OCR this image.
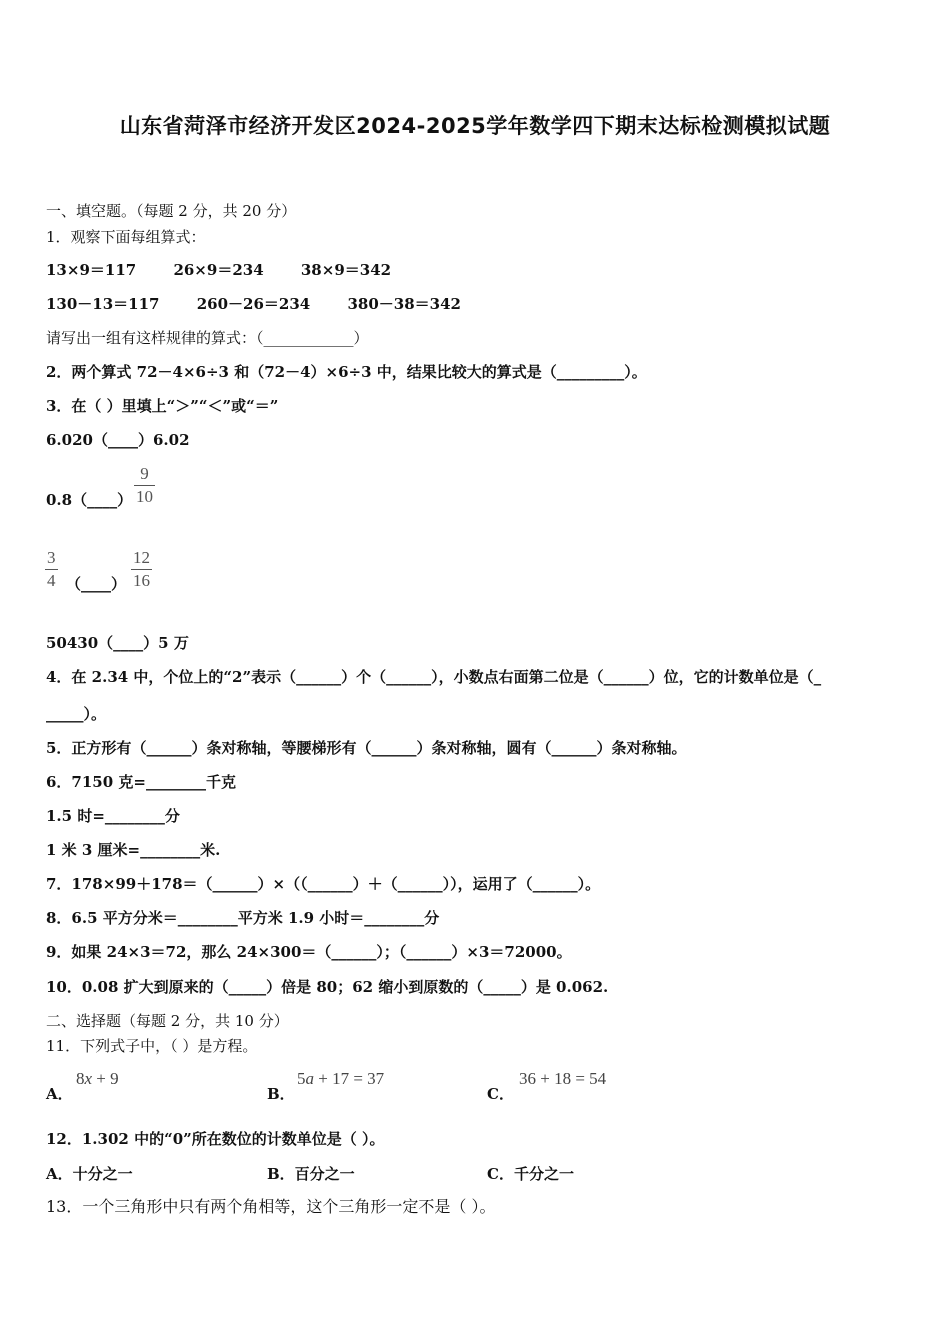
山东省菏泽市经济开发区2024-2025学年数学四下期末达标检测模拟试题
一、填空题。（每题 2 分，共 20 分）
1．观察下面每组算式：
13×9＝117 26×9＝234 38×9＝342
130－13＝117 260－26＝234 380－38＝342
请写出一组有这样规律的算式：（____________）
2．两个算式 72－4×6÷3 和（72－4）×6÷3 中，结果比较大的算式是（_________）。
3．在（ ）里填上“＞”“＜”或“＝”
6.020（____）6.02
0.8（____） $\frac{9}{10}$
$\frac{3}{4}$ （____） $\frac{12}{16}$
50430（____）5 万
4．在 2.34 中，个位上的“2”表示（______）个（______），小数点右面第二位是（______）位，它的计数单位是（_
_____）。
5．正方形有（______）条对称轴，等腰梯形有（______）条对称轴，圆有（______）条对称轴。
6．7150 克=________千克
1.5 时=________分
1 米 3 厘米=________米.
7．178×99＋178＝（______）×（（______）＋（______）），运用了（______）。
8．6.5 平方分米＝________平方米 1.9 小时＝________分
9．如果 24×3＝72，那么 24×300＝（______）；（______）×3＝72000。
10．0.08 扩大到原来的（_____）倍是 80；62 缩小到原数的（_____）是 0.062.
二、选择题（每题 2 分，共 10 分）
11．下列式子中，（ ）是方程。
A．
8x + 9
B．
5a + 17 = 37
C．
36 + 18 = 54
12．1.302 中的“0”所在数位的计数单位是（ ）。
A．十分之一	B．百分之一	C．千分之一
13．一个三角形中只有两个角相等，这个三角形一定不是（ ）。
